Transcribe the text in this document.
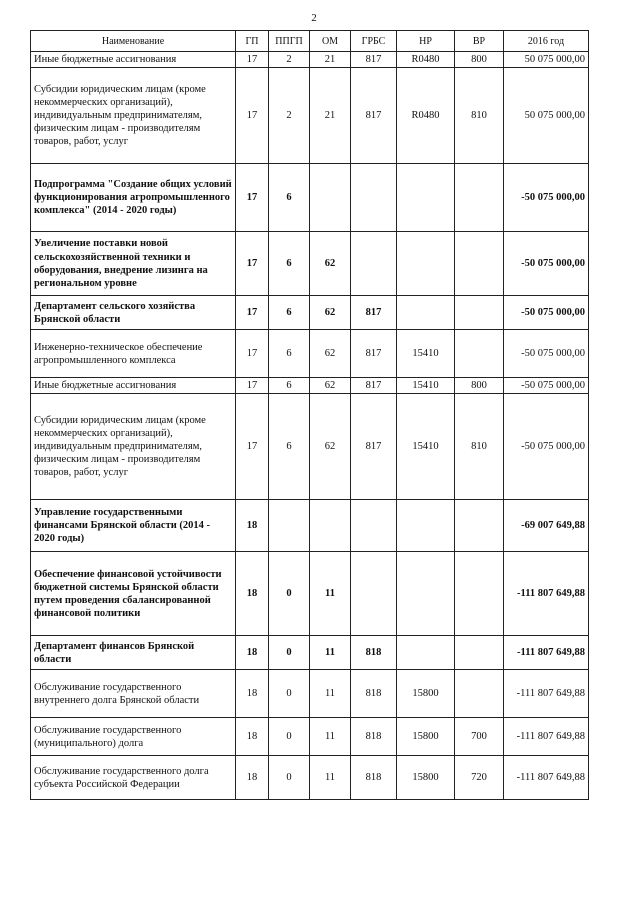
2
Наименование	ГП	ППГП	ОМ	ГРБС	НР	ВР	2016 год
Иные бюджетные ассигнования	17	2	21	817	R0480	800	50 075 000,00
Субсидии юридическим лицам (кроме некоммерческих организаций), индивидуальным предпринимателям, физическим лицам - производителям товаров, работ, услуг	17	2	21	817	R0480	810	50 075 000,00
Подпрограмма "Создание общих условий функционирования агропромышленного комплекса" (2014 - 2020 годы)	17	6					-50 075 000,00
Увеличение поставки новой сельскохозяйственной техники и оборудования, внедрение лизинга на региональном уровне	17	6	62				-50 075 000,00
Департамент сельского хозяйства Брянской области	17	6	62	817			-50 075 000,00
Инженерно-техническое обеспечение агропромышленного комплекса	17	6	62	817	15410		-50 075 000,00
Иные бюджетные ассигнования	17	6	62	817	15410	800	-50 075 000,00
Субсидии юридическим лицам (кроме некоммерческих организаций), индивидуальным предпринимателям, физическим лицам - производителям товаров, работ, услуг	17	6	62	817	15410	810	-50 075 000,00
Управление государственными финансами Брянской области (2014 - 2020 годы)	18						-69 007 649,88
Обеспечение финансовой устойчивости бюджетной системы Брянской области путем проведения сбалансированной финансовой политики	18	0	11				-111 807 649,88
Департамент финансов Брянской области	18	0	11	818			-111 807 649,88
Обслуживание государственного внутреннего долга Брянской области	18	0	11	818	15800		-111 807 649,88
Обслуживание государственного (муниципального) долга	18	0	11	818	15800	700	-111 807 649,88
Обслуживание государственного долга субъекта Российской Федерации	18	0	11	818	15800	720	-111 807 649,88
